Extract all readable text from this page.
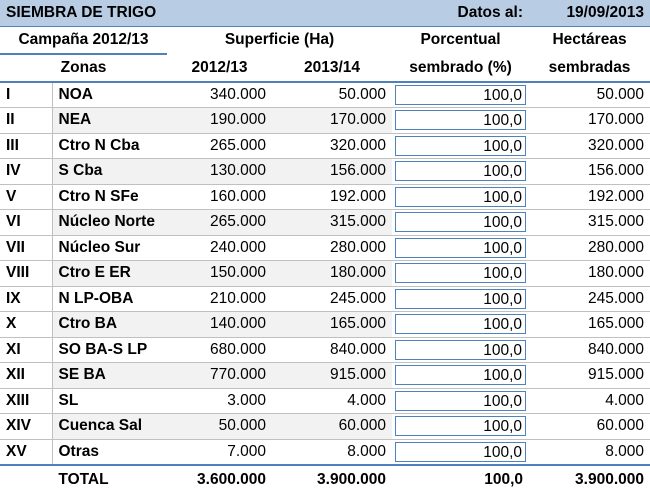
SIEMBRA DE TRIGO				Datos al:	19/09/2013
Campaña 2012/13		Superficie (Ha)		Porcentual	Hectáreas
Zonas		2012/13	2013/14	sembrado (%)	sembradas
I	NOA	340.000	50.000	100,0	50.000
II	NEA	190.000	170.000	100,0	170.000
III	Ctro N Cba	265.000	320.000	100,0	320.000
IV	S Cba	130.000	156.000	100,0	156.000
V	Ctro N SFe	160.000	192.000	100,0	192.000
VI	Núcleo Norte	265.000	315.000	100,0	315.000
VII	Núcleo Sur	240.000	280.000	100,0	280.000
VIII	Ctro E ER	150.000	180.000	100,0	180.000
IX	N LP-OBA	210.000	245.000	100,0	245.000
X	Ctro BA	140.000	165.000	100,0	165.000
XI	SO BA-S LP	680.000	840.000	100,0	840.000
XII	SE BA	770.000	915.000	100,0	915.000
XIII	SL	3.000	4.000	100,0	4.000
XIV	Cuenca Sal	50.000	60.000	100,0	60.000
XV	Otras	7.000	8.000	100,0	8.000
TOTAL		3.600.000	3.900.000	100,0	3.900.000
